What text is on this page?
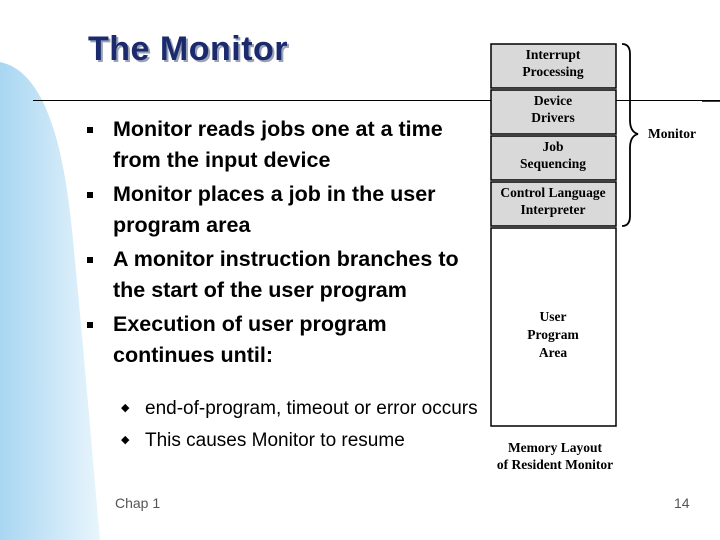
The Monitor
Monitor reads jobs one at a time from the input device
Monitor places a job in the user program area
A monitor instruction branches to the start of the user program
Execution of user program continues until:
◆ end-of-program, timeout or error occurs
◆ This causes Monitor to resume
Interrupt
Processing
Device
Drivers
Job
Sequencing
Control Language
Interpreter
User
Program
Area
Monitor
Memory Layout
of Resident Monitor
Chap 1	14
